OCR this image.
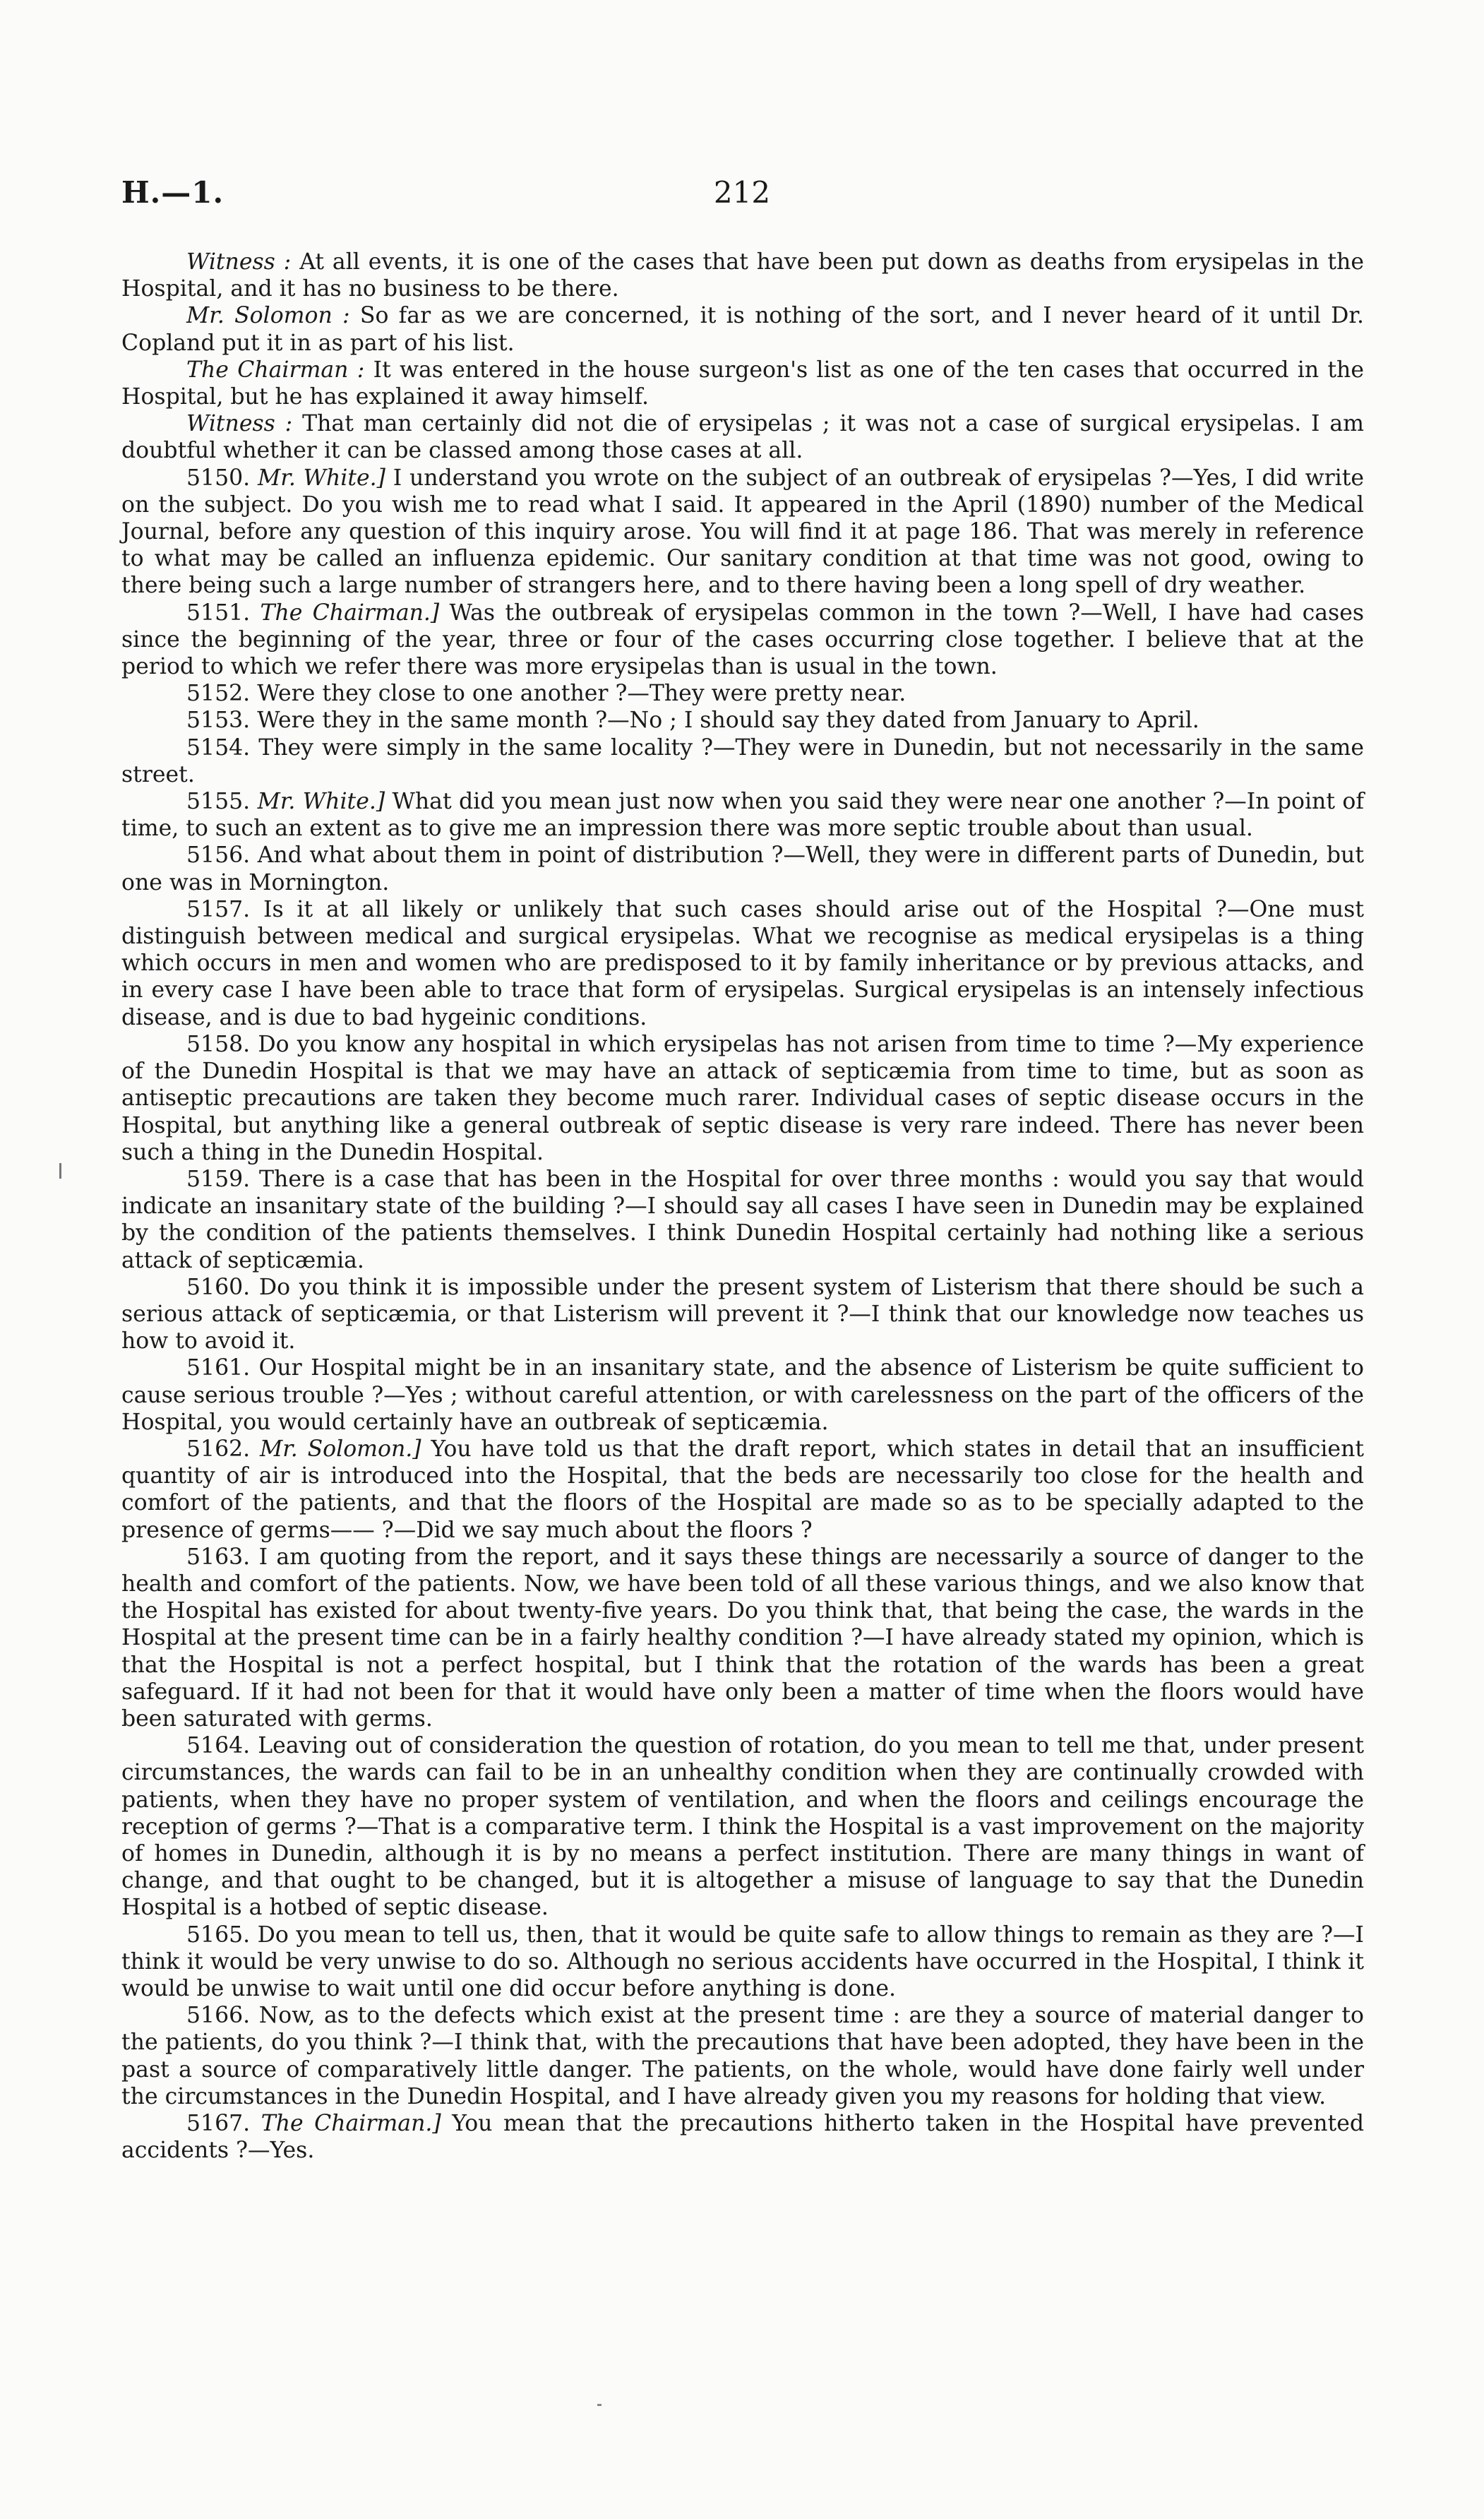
212
H.—1.

Witness : At all events, it is one of the cases that have been put down as deaths from erysipelas in the Hospital, and it has no business to be there.

Mr. Solomon : So far as we are concerned, it is nothing of the sort, and I never heard of it until Dr. Copland put it in as part of his list.

The Chairman : It was entered in the house surgeon's list as one of the ten cases that occurred in the Hospital, but he has explained it away himself.

Witness : That man certainly did not die of erysipelas ; it was not a case of surgical erysipelas. I am doubtful whether it can be classed among those cases at all.

5150. Mr. White.] I understand you wrote on the subject of an outbreak of erysipelas ?—Yes, I did write on the subject. Do you wish me to read what I said. It appeared in the April (1890) number of the Medical Journal, before any question of this inquiry arose. You will find it at page 186. That was merely in reference to what may be called an influenza epidemic. Our sanitary condition at that time was not good, owing to there being such a large number of strangers here, and to there having been a long spell of dry weather.

5151. The Chairman.] Was the outbreak of erysipelas common in the town ?—Well, I have had cases since the beginning of the year, three or four of the cases occurring close together. I believe that at the period to which we refer there was more erysipelas than is usual in the town.

5152. Were they close to one another ?—They were pretty near.

5153. Were they in the same month ?—No ; I should say they dated from January to April.

5154. They were simply in the same locality ?—They were in Dunedin, but not necessarily in the same street.

5155. Mr. White.] What did you mean just now when you said they were near one another ?—In point of time, to such an extent as to give me an impression there was more septic trouble about than usual.

5156. And what about them in point of distribution ?—Well, they were in different parts of Dunedin, but one was in Mornington.

5157. Is it at all likely or unlikely that such cases should arise out of the Hospital ?—One must distinguish between medical and surgical erysipelas. What we recognise as medical erysipelas is a thing which occurs in men and women who are predisposed to it by family inheritance or by previous attacks, and in every case I have been able to trace that form of erysipelas. Surgical erysipelas is an intensely infectious disease, and is due to bad hygeinic conditions.

5158. Do you know any hospital in which erysipelas has not arisen from time to time ?—My experience of the Dunedin Hospital is that we may have an attack of septicæmia from time to time, but as soon as antiseptic precautions are taken they become much rarer. Individual cases of septic disease occurs in the Hospital, but anything like a general outbreak of septic disease is very rare indeed. There has never been such a thing in the Dunedin Hospital.

5159. There is a case that has been in the Hospital for over three months : would you say that would indicate an insanitary state of the building ?—I should say all cases I have seen in Dunedin may be explained by the condition of the patients themselves. I think Dunedin Hospital certainly had nothing like a serious attack of septicæmia.

5160. Do you think it is impossible under the present system of Listerism that there should be such a serious attack of septicæmia, or that Listerism will prevent it ?—I think that our knowledge now teaches us how to avoid it.

5161. Our Hospital might be in an insanitary state, and the absence of Listerism be quite sufficient to cause serious trouble ?—Yes ; without careful attention, or with carelessness on the part of the officers of the Hospital, you would certainly have an outbreak of septicæmia.

5162. Mr. Solomon.] You have told us that the draft report, which states in detail that an insufficient quantity of air is introduced into the Hospital, that the beds are necessarily too close for the health and comfort of the patients, and that the floors of the Hospital are made so as to be specially adapted to the presence of germs—— ?—Did we say much about the floors ?

5163. I am quoting from the report, and it says these things are necessarily a source of danger to the health and comfort of the patients. Now, we have been told of all these various things, and we also know that the Hospital has existed for about twenty-five years. Do you think that, that being the case, the wards in the Hospital at the present time can be in a fairly healthy condition ?—I have already stated my opinion, which is that the Hospital is not a perfect hospital, but I think that the rotation of the wards has been a great safeguard. If it had not been for that it would have only been a matter of time when the floors would have been saturated with germs.

5164. Leaving out of consideration the question of rotation, do you mean to tell me that, under present circumstances, the wards can fail to be in an unhealthy condition when they are continually crowded with patients, when they have no proper system of ventilation, and when the floors and ceilings encourage the reception of germs ?—That is a comparative term. I think the Hospital is a vast improvement on the majority of homes in Dunedin, although it is by no means a perfect institution. There are many things in want of change, and that ought to be changed, but it is altogether a misuse of language to say that the Dunedin Hospital is a hotbed of septic disease.

5165. Do you mean to tell us, then, that it would be quite safe to allow things to remain as they are ?—I think it would be very unwise to do so. Although no serious accidents have occurred in the Hospital, I think it would be unwise to wait until one did occur before anything is done.

5166. Now, as to the defects which exist at the present time : are they a source of material danger to the patients, do you think ?—I think that, with the precautions that have been adopted, they have been in the past a source of comparatively little danger. The patients, on the whole, would have done fairly well under the circumstances in the Dunedin Hospital, and I have already given you my reasons for holding that view.

5167. The Chairman.] You mean that the precautions hitherto taken in the Hospital have prevented accidents ?—Yes.
